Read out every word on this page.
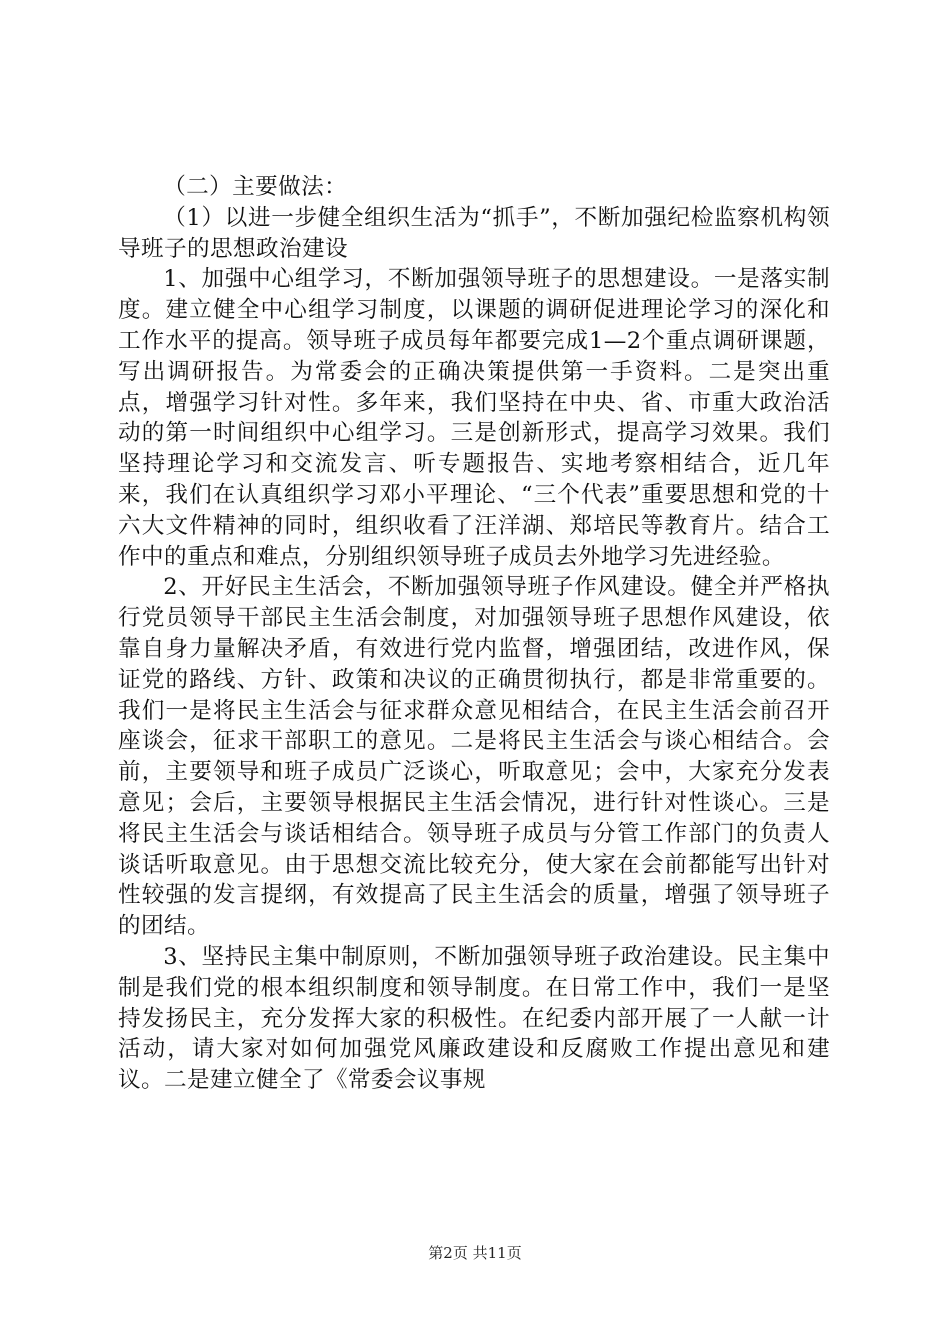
（二）主要做法：

（1）以进一步健全组织生活为“抓手”，不断加强纪检监察机构领导班子的思想政治建设

1、加强中心组学习，不断加强领导班子的思想建设。一是落实制度。建立健全中心组学习制度，以课题的调研促进理论学习的深化和工作水平的提高。领导班子成员每年都要完成1—2个重点调研课题，写出调研报告。为常委会的正确决策提供第一手资料。二是突出重点，增强学习针对性。多年来，我们坚持在中央、省、市重大政治活动的第一时间组织中心组学习。三是创新形式，提高学习效果。我们坚持理论学习和交流发言、听专题报告、实地考察相结合，近几年来，我们在认真组织学习邓小平理论、“三个代表”重要思想和党的十六大文件精神的同时，组织收看了汪洋湖、郑培民等教育片。结合工作中的重点和难点，分别组织领导班子成员去外地学习先进经验。

2、开好民主生活会，不断加强领导班子作风建设。健全并严格执行党员领导干部民主生活会制度，对加强领导班子思想作风建设，依靠自身力量解决矛盾，有效进行党内监督，增强团结，改进作风，保证党的路线、方针、政策和决议的正确贯彻执行，都是非常重要的。我们一是将民主生活会与征求群众意见相结合，在民主生活会前召开座谈会，征求干部职工的意见。二是将民主生活会与谈心相结合。会前，主要领导和班子成员广泛谈心，听取意见；会中，大家充分发表意见；会后，主要领导根据民主生活会情况，进行针对性谈心。三是将民主生活会与谈话相结合。领导班子成员与分管工作部门的负责人谈话听取意见。由于思想交流比较充分，使大家在会前都能写出针对性较强的发言提纲，有效提高了民主生活会的质量，增强了领导班子的团结。

3、坚持民主集中制原则，不断加强领导班子政治建设。民主集中制是我们党的根本组织制度和领导制度。在日常工作中，我们一是坚持发扬民主，充分发挥大家的积极性。在纪委内部开展了一人献一计活动，请大家对如何加强党风廉政建设和反腐败工作提出意见和建议。二是建立健全了《常委会议事规

第2页 共11页
